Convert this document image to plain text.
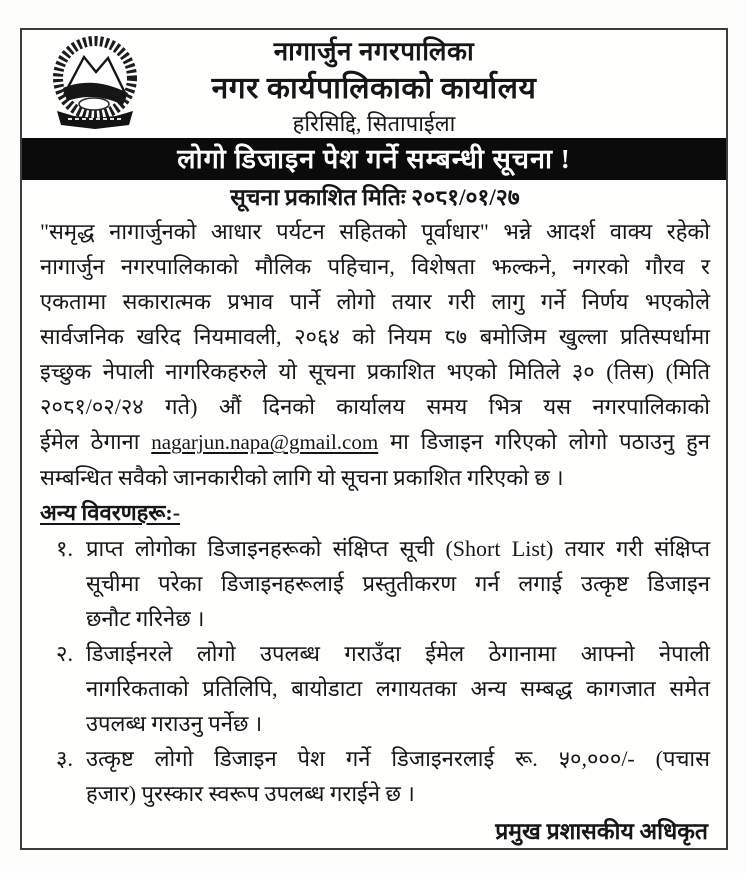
नागार्जुन नगरपालिका
नगर कार्यपालिकाको कार्यालय
हरिसिद्दि, सितापाईला
लोगो डिजाइन पेश गर्ने सम्बन्धी सूचना !
सूचना प्रकाशित मितिः २०८१/०१/२७
"समृद्ध नागार्जुनको आधार पर्यटन सहितको पूर्वाधार" भन्ने आदर्श वाक्य रहेको
नागार्जुन नगरपालिकाको मौलिक पहिचान, विशेषता झल्कने, नगरको गौरव र
एकतामा सकारात्मक प्रभाव पार्ने लोगो तयार गरी लागु गर्ने निर्णय भएकोले
सार्वजनिक खरिद नियमावली, २०६४ को नियम ८७ बमोजिम खुल्ला प्रतिस्पर्धामा
इच्छुक नेपाली नागरिकहरुले यो सूचना प्रकाशित भएको मितिले ३० (तिस) (मिति
२०८१/०२/२४ गते) औं दिनको कार्यालय समय भित्र यस नगरपालिकाको
ईमेल ठेगाना nagarjun.napa@gmail.com मा डिजाइन गरिएको लोगो पठाउनु हुन
सम्बन्धित सवैको जानकारीको लागि यो सूचना प्रकाशित गरिएको छ ।
अन्य विवरणहरू:-
१. प्राप्त लोगोका डिजाइनहरूको संक्षिप्त सूची (Short List) तयार गरी संक्षिप्त
सूचीमा परेका डिजाइनहरूलाई प्रस्तुतीकरण गर्न लगाई उत्कृष्ट डिजाइन
छनौट गरिनेछ ।
२. डिजाईनरले लोगो उपलब्ध गराउँदा ईमेल ठेगानामा आफ्नो नेपाली
नागरिकताको प्रतिलिपि, बायोडाटा लगायतका अन्य सम्बद्ध कागजात समेत
उपलब्ध गराउनु पर्नेछ ।
३. उत्कृष्ट लोगो डिजाइन पेश गर्ने डिजाइनरलाई रू. ५०,०००/- (पचास
हजार) पुरस्कार स्वरूप उपलब्ध गराईने छ ।
प्रमुख प्रशासकीय अधिकृत
